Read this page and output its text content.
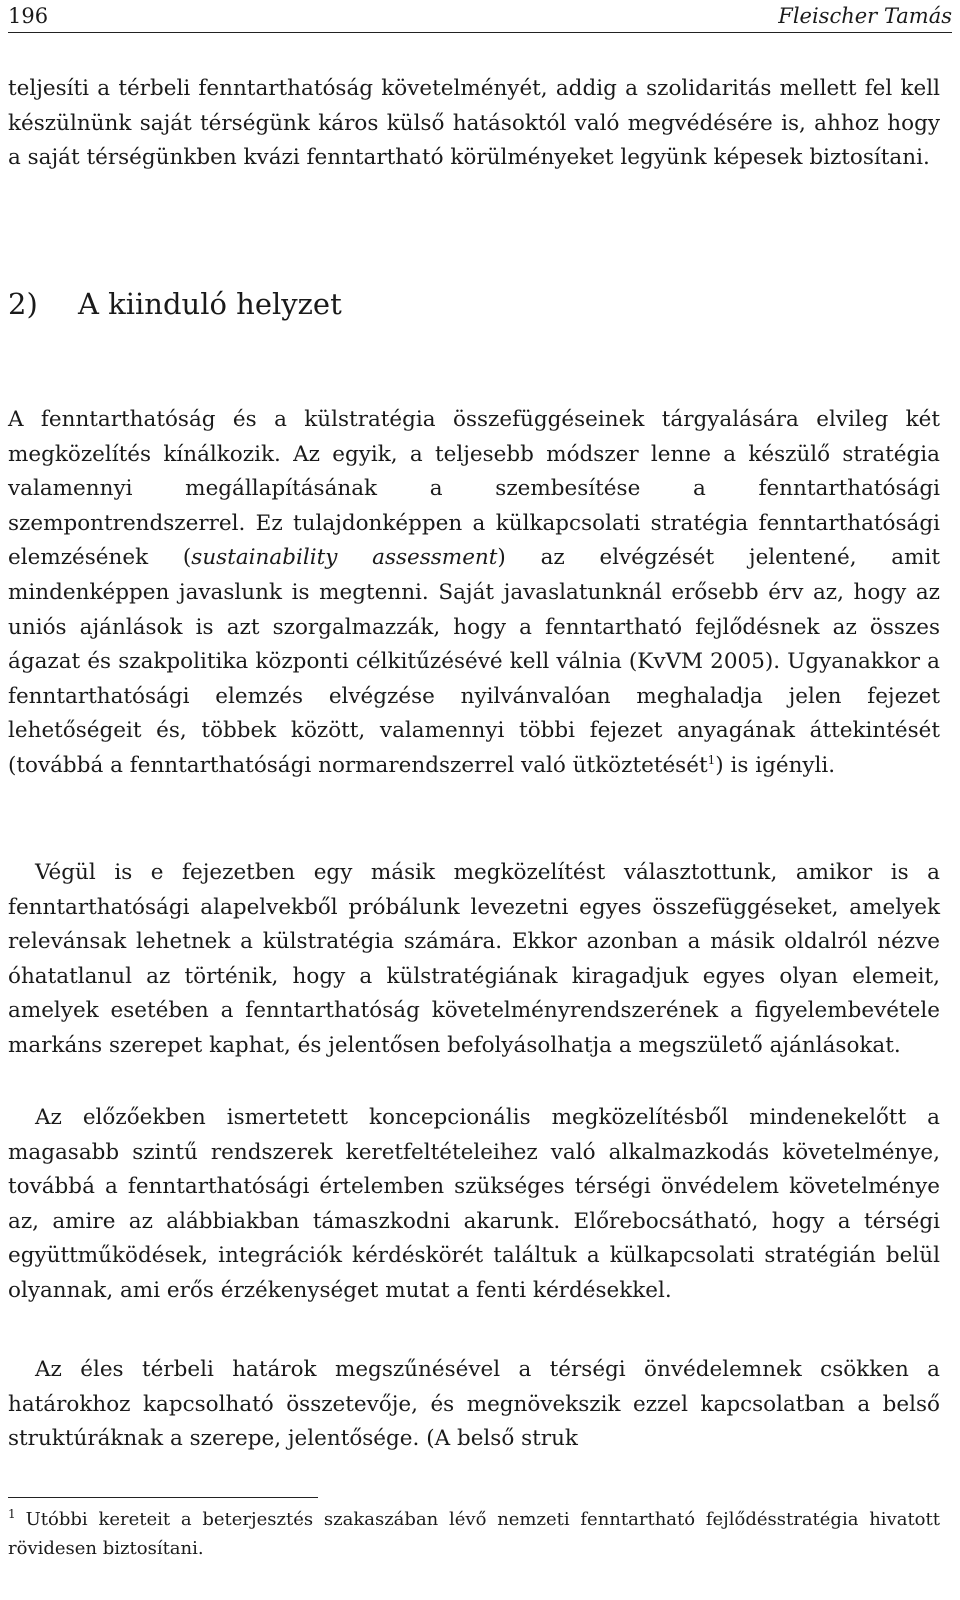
196	Fleischer Tamás

teljesíti a térbeli fenntarthatóság követelményét, addig a szolidaritás mellett fel kell készülnünk saját térségünk káros külső hatásoktól való megvédésére is, ahhoz hogy a saját térségünkben kvázi fenntartható körülményeket legyünk képesek biztosítani.

2) A kiinduló helyzet

A fenntarthatóság és a külstratégia összefüggéseinek tárgyalására elvileg két megközelítés kínálkozik. Az egyik, a teljesebb módszer lenne a készülő stratégia valamennyi megállapításának a szembesítése a fenntarthatósági szempontrendszerrel. Ez tulajdonképpen a külkapcsolati stratégia fenntarthatósági elemzésének (sustainability assessment) az elvégzését jelentené, amit mindenképpen javaslunk is megtenni. Saját javaslatunknál erősebb érv az, hogy az uniós ajánlások is azt szorgalmazzák, hogy a fenntartható fejlődésnek az összes ágazat és szakpolitika központi célkitűzésévé kell válnia (KvVM 2005). Ugyanakkor a fenntarthatósági elemzés elvégzése nyilvánvalóan meghaladja jelen fejezet lehetőségeit és, többek között, valamennyi többi fejezet anyagának áttekintését (továbbá a fenntarthatósági normarendszerrel való ütköztetését$^1$) is igényli.

Végül is e fejezetben egy másik megközelítést választottunk, amikor is a fenntarthatósági alapelvekből próbálunk levezetni egyes összefüggéseket, amelyek relevánsak lehetnek a külstratégia számára. Ekkor azonban a másik oldalról nézve óhatatlanul az történik, hogy a külstratégiának kiragadjuk egyes olyan elemeit, amelyek esetében a fenntarthatóság követelményrendszerének a figyelembevétele markáns szerepet kaphat, és jelentősen befolyásolhatja a megszülető ajánlásokat.

Az előzőekben ismertetett koncepcionális megközelítésből mindenekelőtt a magasabb szintű rendszerek keretfeltételeihez való alkalmazkodás követelménye, továbbá a fenntarthatósági értelemben szükséges térségi önvédelem követelménye az, amire az alábbiakban támaszkodni akarunk. Előrebocsátható, hogy a térségi együttműködések, integrációk kérdéskörét találtuk a külkapcsolati stratégián belül olyannak, ami erős érzékenységet mutat a fenti kérdésekkel.

Az éles térbeli határok megszűnésével a térségi önvédelemnek csökken a határokhoz kapcsolható összetevője, és megnövekszik ezzel kapcsolatban a belső struktúráknak a szerepe, jelentősége. (A belső struk

$^1$ Utóbbi kereteit a beterjesztés szakaszában lévő nemzeti fenntartható fejlődésstratégia hivatott rövidesen biztosítani.
